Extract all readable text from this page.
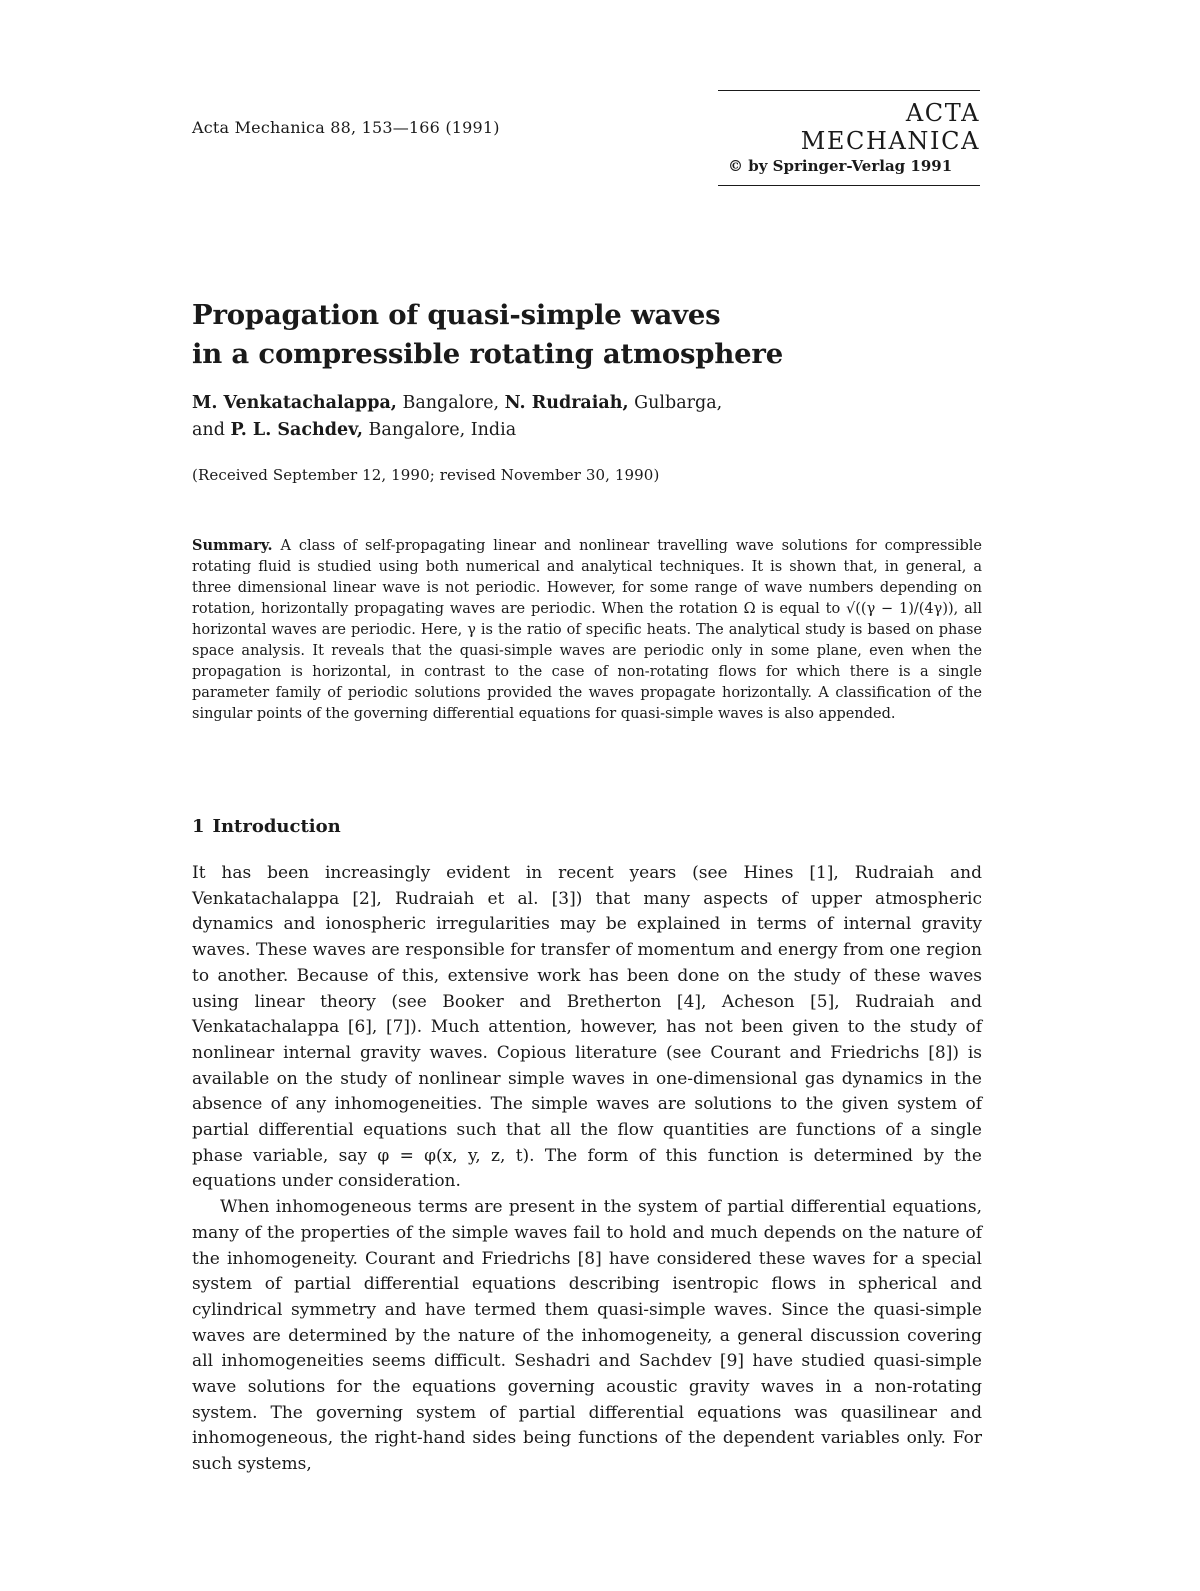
Acta Mechanica 88, 153—166 (1991)
ACTA MECHANICA
© by Springer-Verlag 1991
Propagation of quasi-simple waves
in a compressible rotating atmosphere
M. Venkatachalappa, Bangalore, N. Rudraiah, Gulbarga,
and P. L. Sachdev, Bangalore, India
(Received September 12, 1990; revised November 30, 1990)
Summary. A class of self-propagating linear and nonlinear travelling wave solutions for compressible rotating fluid is studied using both numerical and analytical techniques. It is shown that, in general, a three dimensional linear wave is not periodic. However, for some range of wave numbers depending on rotation, horizontally propagating waves are periodic. When the rotation Ω is equal to √((γ − 1)/(4γ)), all horizontal waves are periodic. Here, γ is the ratio of specific heats. The analytical study is based on phase space analysis. It reveals that the quasi-simple waves are periodic only in some plane, even when the propagation is horizontal, in contrast to the case of non-rotating flows for which there is a single parameter family of periodic solutions provided the waves propagate horizontally. A classification of the singular points of the governing differential equations for quasi-simple waves is also appended.
1 Introduction

It has been increasingly evident in recent years (see Hines [1], Rudraiah and Venkatachalappa [2], Rudraiah et al. [3]) that many aspects of upper atmospheric dynamics and ionospheric irregularities may be explained in terms of internal gravity waves. These waves are responsible for transfer of momentum and energy from one region to another. Because of this, extensive work has been done on the study of these waves using linear theory (see Booker and Bretherton [4], Acheson [5], Rudraiah and Venkatachalappa [6], [7]). Much attention, however, has not been given to the study of nonlinear internal gravity waves. Copious literature (see Courant and Friedrichs [8]) is available on the study of nonlinear simple waves in one-dimensional gas dynamics in the absence of any inhomogeneities. The simple waves are solutions to the given system of partial differential equations such that all the flow quantities are functions of a single phase variable, say φ = φ(x, y, z, t). The form of this function is determined by the equations under consideration.

When inhomogeneous terms are present in the system of partial differential equations, many of the properties of the simple waves fail to hold and much depends on the nature of the inhomogeneity. Courant and Friedrichs [8] have considered these waves for a special system of partial differential equations describing isentropic flows in spherical and cylindrical symmetry and have termed them quasi-simple waves. Since the quasi-simple waves are determined by the nature of the inhomogeneity, a general discussion covering all inhomogeneities seems difficult. Seshadri and Sachdev [9] have studied quasi-simple wave solutions for the equations governing acoustic gravity waves in a non-rotating system. The governing system of partial differential equations was quasilinear and inhomogeneous, the right-hand sides being functions of the dependent variables only. For such systems,
